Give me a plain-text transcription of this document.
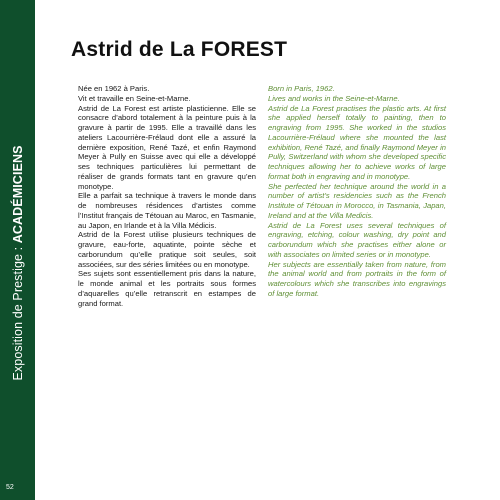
Exposition de Prestige : ACADÉMICIENS
52
Astrid de La FOREST

Née en 1962 à Paris.

Vit et travaille en Seine-et-Marne.

Astrid de La Forest est artiste plasticienne. Elle se consacre d’abord totalement à la peinture puis à la gravure à partir de 1995. Elle a travaillé dans les ateliers Lacourrière-Frélaud dont elle a assuré la dernière exposition, René Tazé, et enfin Raymond Meyer à Pully en Suisse avec qui elle a développé ses techniques particulières lui permettant de réaliser de grands formats tant en gravure qu’en monotype.

Elle a parfait sa technique à travers le monde dans de nombreuses résidences d’artistes comme l’Institut français de Tétouan au Maroc, en Tasmanie, au Japon, en Irlande et à la Villa Médicis.

Astrid de la Forest utilise plusieurs techniques de gravure, eau-forte, aquatinte, pointe sèche et carborundum qu’elle pratique soit seules, soit associées, sur des séries limitées ou en monotype.

Ses sujets sont essentiellement pris dans la nature, le monde animal et les portraits sous formes d’aquarelles qu’elle retranscrit en estampes de grand format.

Born in Paris, 1962.

Lives and works in the Seine-et-Marne.

Astrid de La Forest practises the plastic arts. At first she applied herself totally to painting, then to engraving from 1995. She worked in the studios Lacourrière-Frélaud where she mounted the last exhibition, René Tazé, and finally Raymond Meyer in Pully, Switzerland with whom she developed specific techniques allowing her to achieve works of large format both in engraving and in monotype.

She perfected her technique around the world in a number of artist’s residencies such as the French Institute of Tétouan in Morocco, in Tasmania, Japan, Ireland and at the Villa Medicis.

Astrid de La Forest uses several techniques of engraving, etching, colour washing, dry point and carborundum which she practises either alone or with associates on limited series or in monotype.

Her subjects are essentially taken from nature, from the animal world and from portraits in the form of watercolours which she transcribes into engravings of large format.
